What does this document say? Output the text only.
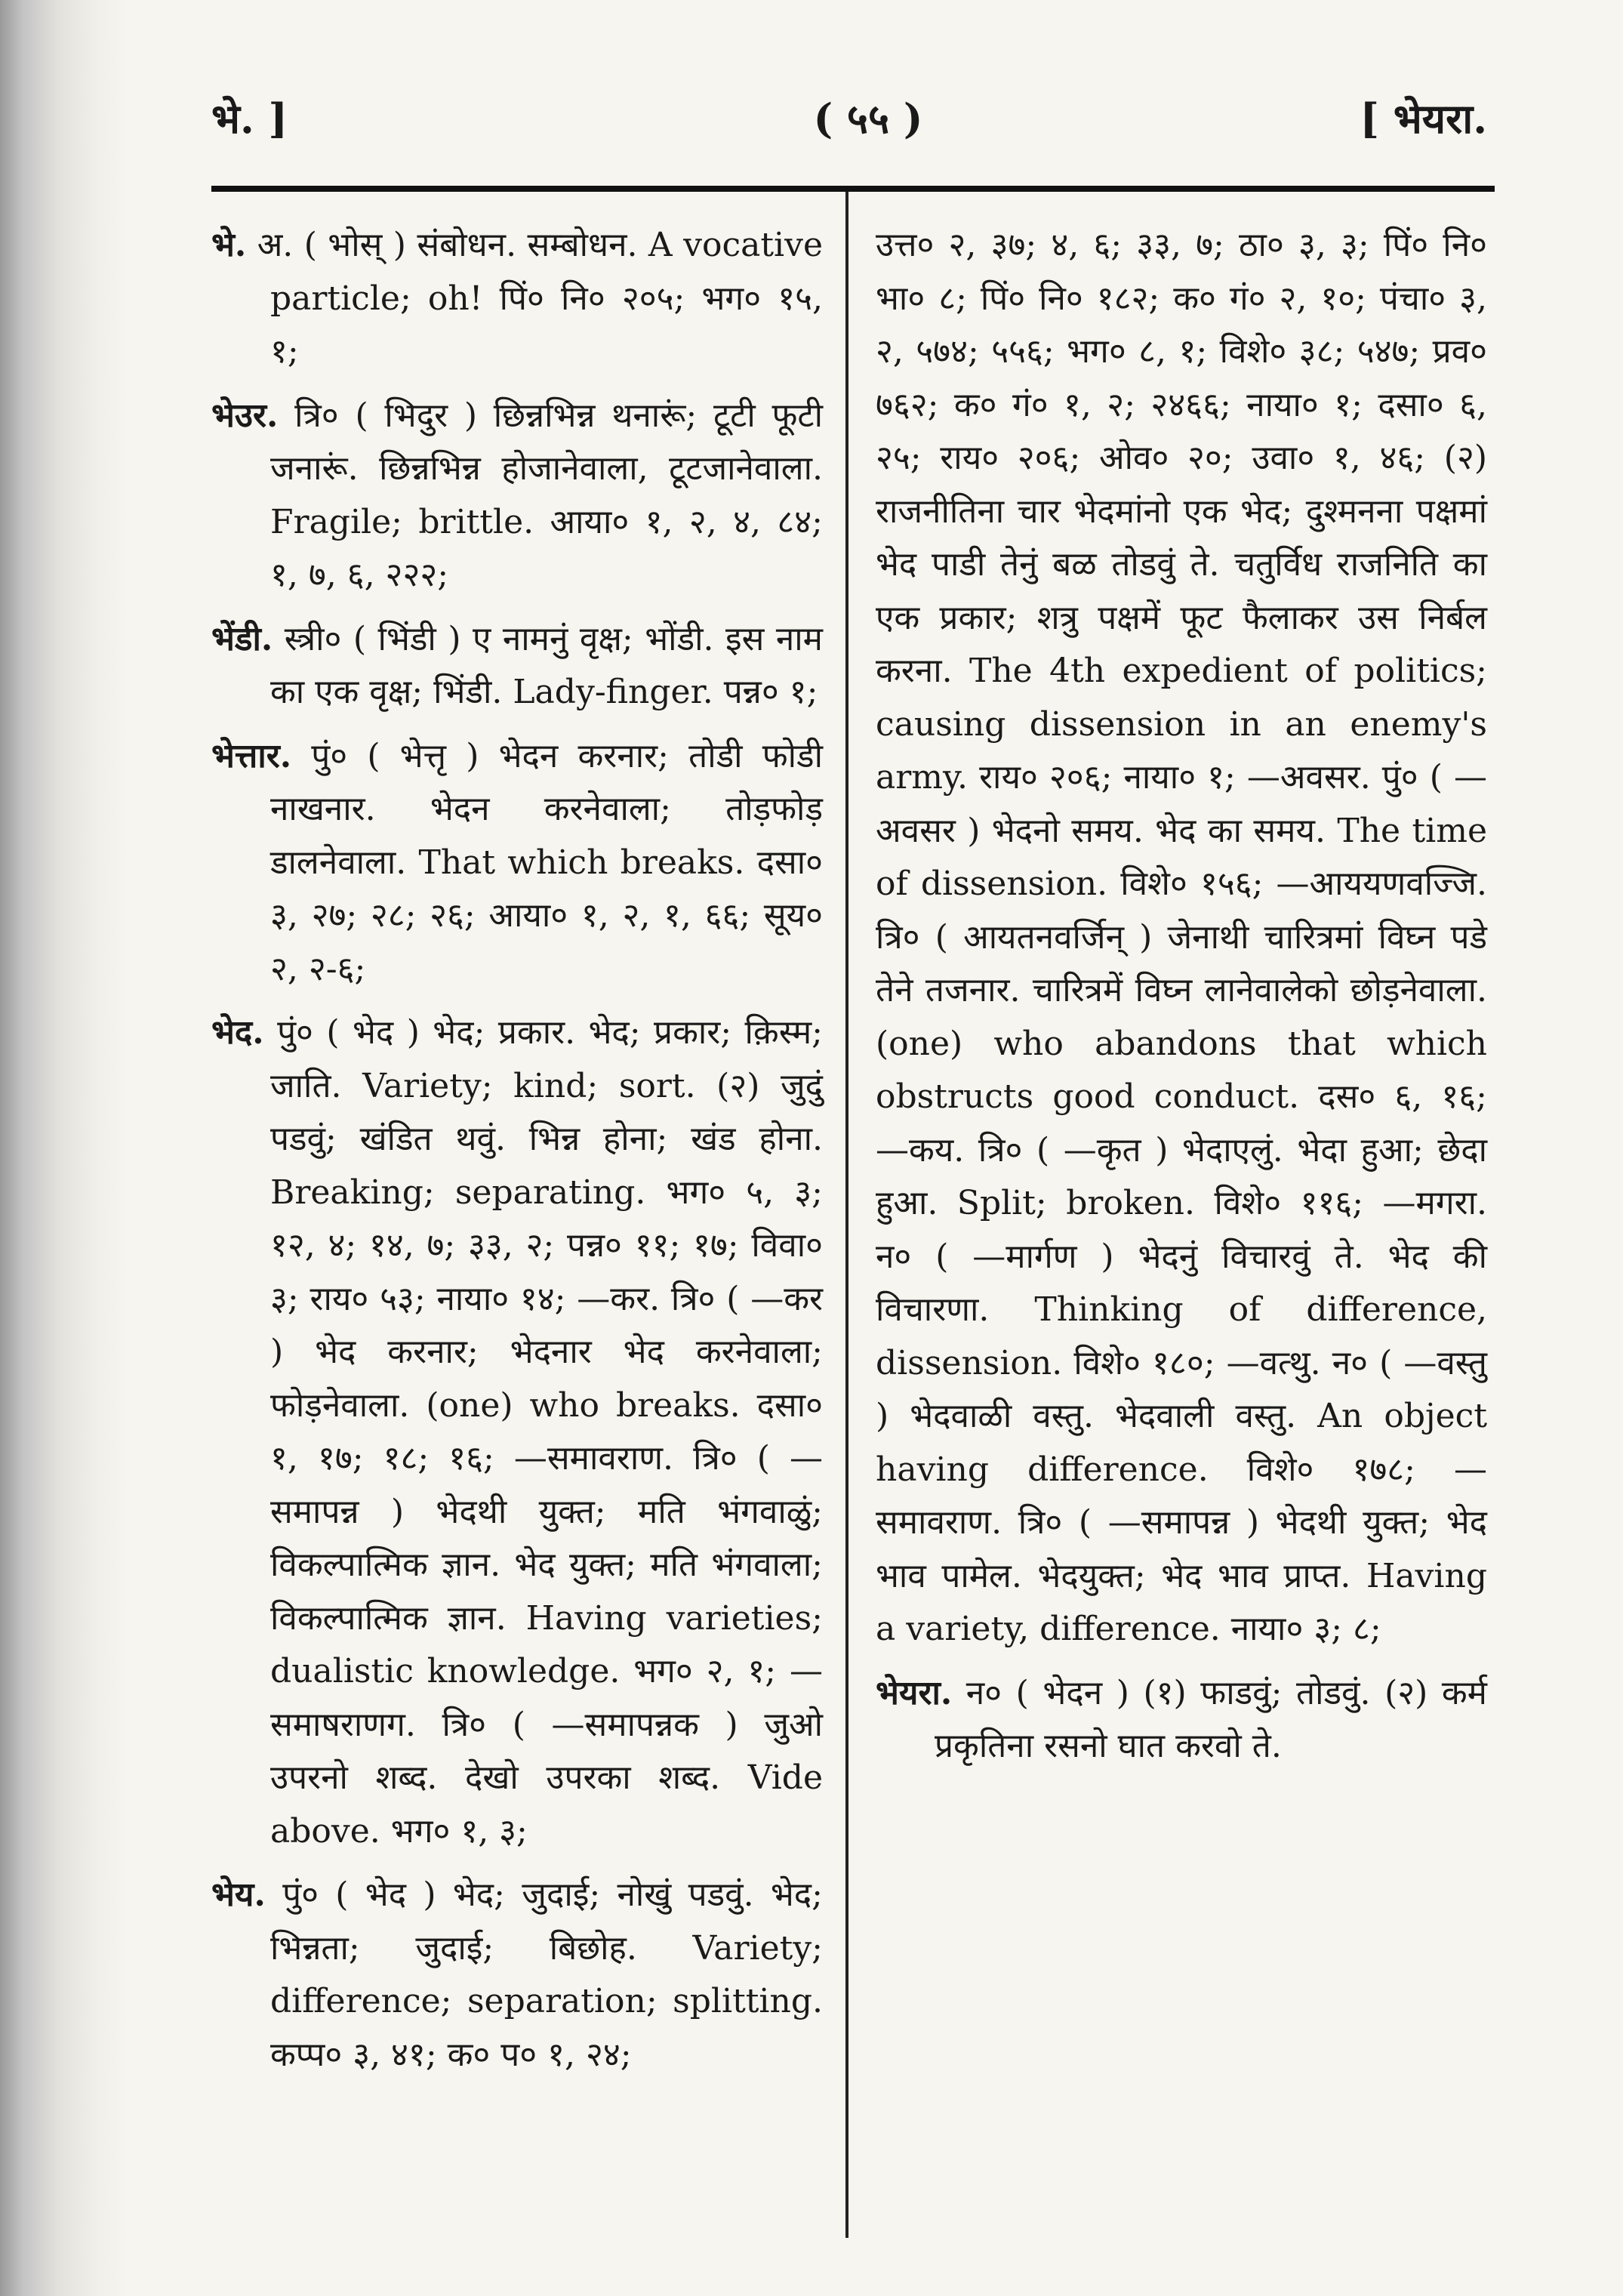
भे. ]	( ५५ )	[ भेयरा.

भे. अ. ( भोस् ) संबोधन. सम्बोधन. A vocative particle; oh! पिं० नि० २०५; भग० १५, १;

भेउर. त्रि० ( भिदुर ) छिन्नभिन्न थनारूं; टूटी फूटी जनारूं. छिन्नभिन्न होजानेवाला, टूटजानेवाला. Fragile; brittle. आया० १, २, ४, ८४; १, ७, ६, २२२;

भेंडी. स्त्री० ( भिंडी ) ए नामनुं वृक्ष; भोंडी. इस नाम का एक वृक्ष; भिंडी. Lady-finger. पन्न० १;

भेत्तार. पुं० ( भेत्तृ ) भेदन करनार; तोडी फोडी नाखनार. भेदन करनेवाला; तोड़फोड़ डालनेवाला. That which breaks. दसा० ३, २७; २८; २६; आया० १, २, १, ६६; सूय० २, २-६;

भेद. पुं० ( भेद ) भेद; प्रकार. भेद; प्रकार; क़िस्म; जाति. Variety; kind; sort. (२) जुदुं पडवुं; खंडित थवुं. भिन्न होना; खंड होना. Breaking; separating. भग० ५, ३; १२, ४; १४, ७; ३३, २; पन्न० ११; १७; विवा० ३; राय० ५३; नाया० १४; —कर. त्रि० ( —कर ) भेद करनार; भेदनार भेद करनेवाला; फोड़नेवाला. (one) who breaks. दसा० १, १७; १८; १६; —समावराण. त्रि० ( —समापन्न ) भेदथी युक्त; मति भंगवाळुं; विकल्पात्मिक ज्ञान. भेद युक्त; मति भंगवाला; विकल्पात्मिक ज्ञान. Having varieties; dualistic knowledge. भग० २, १; —समाषराणग. त्रि० ( —समापन्नक ) जुओ उपरनो शब्द. देखो उपरका शब्द. Vide above. भग० १, ३;

भेय. पुं० ( भेद ) भेद; जुदाई; नोखुं पडवुं. भेद; भिन्नता; जुदाई; बिछोह. Variety; difference; separation; splitting. कप्प० ३, ४१; क० प० १, २४;

उत्त० २, ३७; ४, ६; ३३, ७; ठा० ३, ३; पिं० नि० भा० ८; पिं० नि० १८२; क० गं० २, १०; पंचा० ३, २, ५७४; ५५६; भग० ८, १; विशे० ३८; ५४७; प्रव० ७६२; क० गं० १, २; २४६६; नाया० १; दसा० ६, २५; राय० २०६; ओव० २०; उवा० १, ४६; (२) राजनीतिना चार भेदमांनो एक भेद; दुश्मनना पक्षमां भेद पाडी तेनुं बळ तोडवुं ते. चतुर्विध राजनिति का एक प्रकार; शत्रु पक्षमें फूट फैलाकर उस निर्बल करना. The 4th expedient of politics; causing dissension in an enemy's army. राय० २०६; नाया० १; —अवसर. पुं० ( —अवसर ) भेदनो समय. भेद का समय. The time of dissension. विशे० १५६; —आययणवज्जि. त्रि० ( आयतनवर्जिन् ) जेनाथी चारित्रमां विघ्न पडे तेने तजनार. चारित्रमें विघ्न लानेवालेको छोड़नेवाला. (one) who abandons that which obstructs good conduct. दस० ६, १६; —कय. त्रि० ( —कृत ) भेदाएलुं. भेदा हुआ; छेदा हुआ. Split; broken. विशे० ११६; —मगरा. न० ( —मार्गण ) भेदनुं विचारवुं ते. भेद की विचारणा. Thinking of difference, dissension. विशे० १८०; —वत्थु. न० ( —वस्तु ) भेदवाळी वस्तु. भेदवाली वस्तु. An object having difference. विशे० १७८; —समावराण. त्रि० ( —समापन्न ) भेदथी युक्त; भेद भाव पामेल. भेदयुक्त; भेद भाव प्राप्त. Having a variety, difference. नाया० ३; ८;

भेयरा. न० ( भेदन ) (१) फाडवुं; तोडवुं. (२) कर्म प्रकृतिना रसनो घात करवो ते.
